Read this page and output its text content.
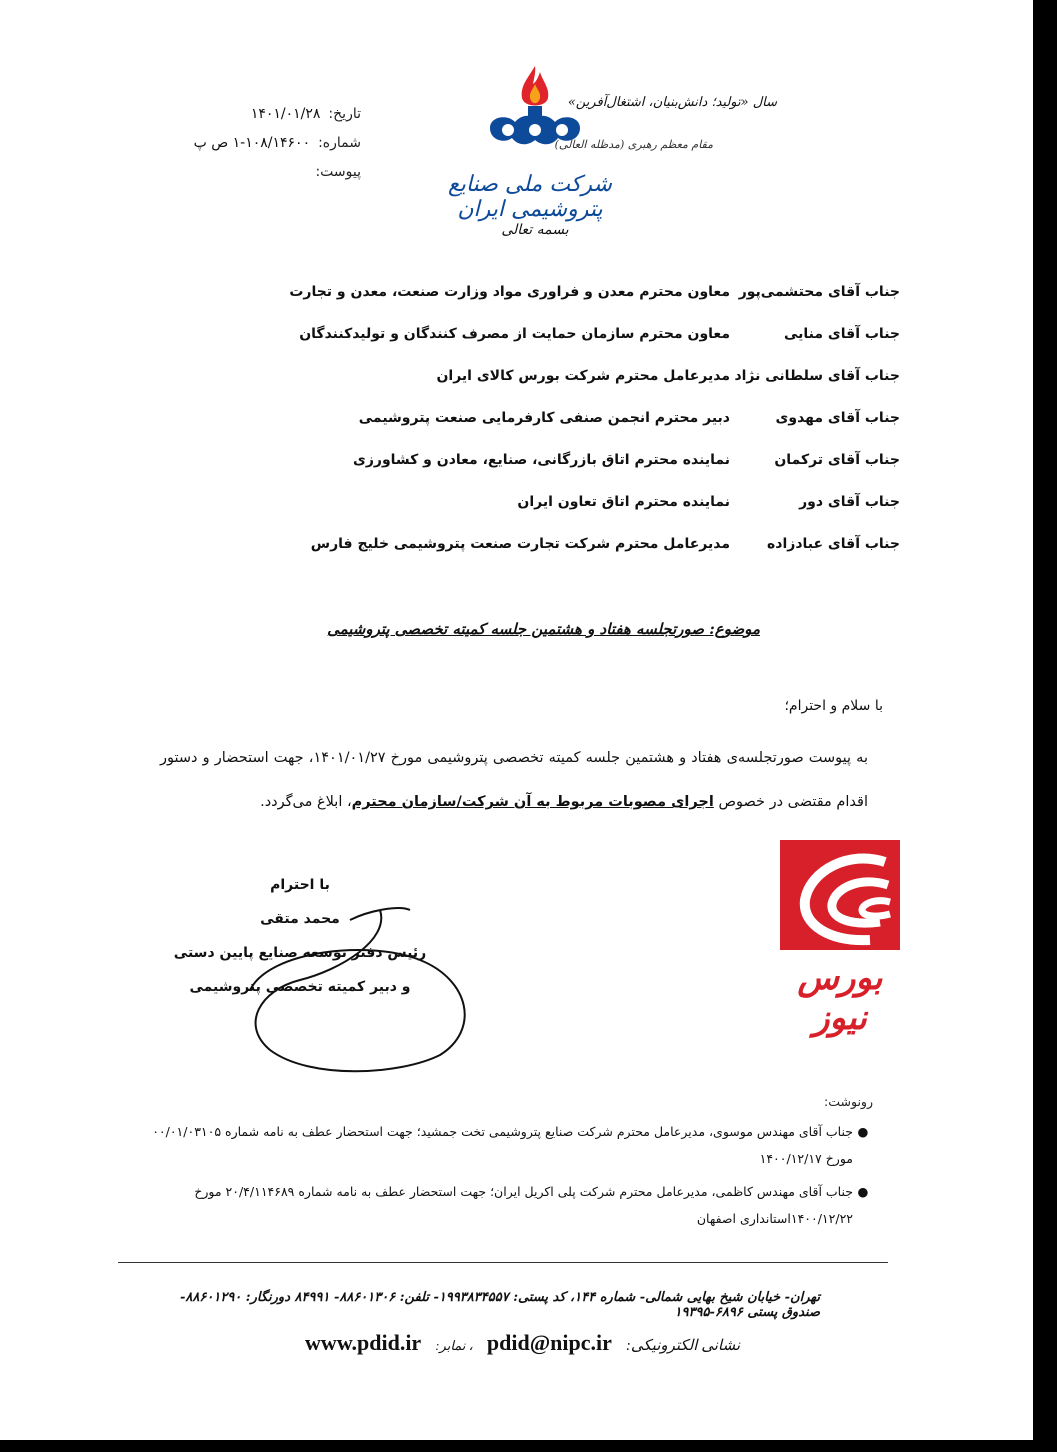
شرکت ملی صنایع پتروشیمی ایران
بسمه تعالی
سال «تولید؛ دانش‌بنیان، اشتغال‌آفرین»
مقام معظم رهبری (مدظله العالی)
تاریخ:
۱۴۰۱/۰۱/۲۸
شماره:
۱-۱۰۸/۱۴۶۰۰ ص پ
پیوست:
جناب آقای محتشمی‌پور
معاون محترم معدن و فراوری مواد وزارت صنعت، معدن و تجارت
جناب آقای منایی
معاون محترم سازمان حمایت از مصرف کنندگان و تولیدکنندگان
جناب آقای سلطانی نژاد
مدیرعامل محترم شرکت بورس کالای ایران
جناب آقای مهدوی
دبیر محترم انجمن صنفی کارفرمایی صنعت پتروشیمی
جناب آقای ترکمان
نماینده محترم اتاق بازرگانی، صنایع، معادن و کشاورزی
جناب آقای دور
نماینده محترم اتاق تعاون ایران
جناب آقای عبادزاده
مدیرعامل محترم شرکت تجارت صنعت پتروشیمی خلیج فارس
موضوع: صورتجلسه هفتاد و هشتمین جلسه کمیته تخصصی پتروشیمی
با سلام و احترام؛
به پیوست صورتجلسه‌ی هفتاد و هشتمین جلسه کمیته تخصصی پتروشیمی مورخ ۱۴۰۱/۰۱/۲۷، جهت استحضار و دستور اقدام مقتضی در خصوص اجرای مصوبات مربوط به آن شرکت/سازمان محترم، ابلاغ می‌گردد.
با احترام
محمد متقی
رئیس دفتر توسعه صنایع پایین دستی
و دبیر کمیته تخصصی پتروشیمی	بورس نیوز
رونوشت:
●
جناب آقای مهندس موسوی، مدیرعامل محترم شرکت صنایع پتروشیمی تخت جمشید؛ جهت استحضار عطف به نامه شماره ۰۰/۰۱/۰۳۱۰۵ مورخ ۱۴۰۰/۱۲/۱۷
●
جناب آقای مهندس کاظمی، مدیرعامل محترم شرکت پلی اکریل ایران؛ جهت استحضار عطف به نامه شماره ۲۰/۴/۱۱۴۶۸۹ مورخ ۱۴۰۰/۱۲/۲۲استانداری اصفهان
تهران- خیابان شیخ بهایی شمالی- شماره ۱۴۴، کد پستی: ۱۹۹۳۸۳۴۵۵۷- تلفن: ۸۸۶۰۱۳۰۶- ۸۴۹۹۱ دورنگار: ۸۸۶۰۱۲۹۰- صندوق پستی ۶۸۹۶-۱۹۳۹۵
نشانی الکترونیکی:
pdid@nipc.ir
، نمابر:
www.pdid.ir
